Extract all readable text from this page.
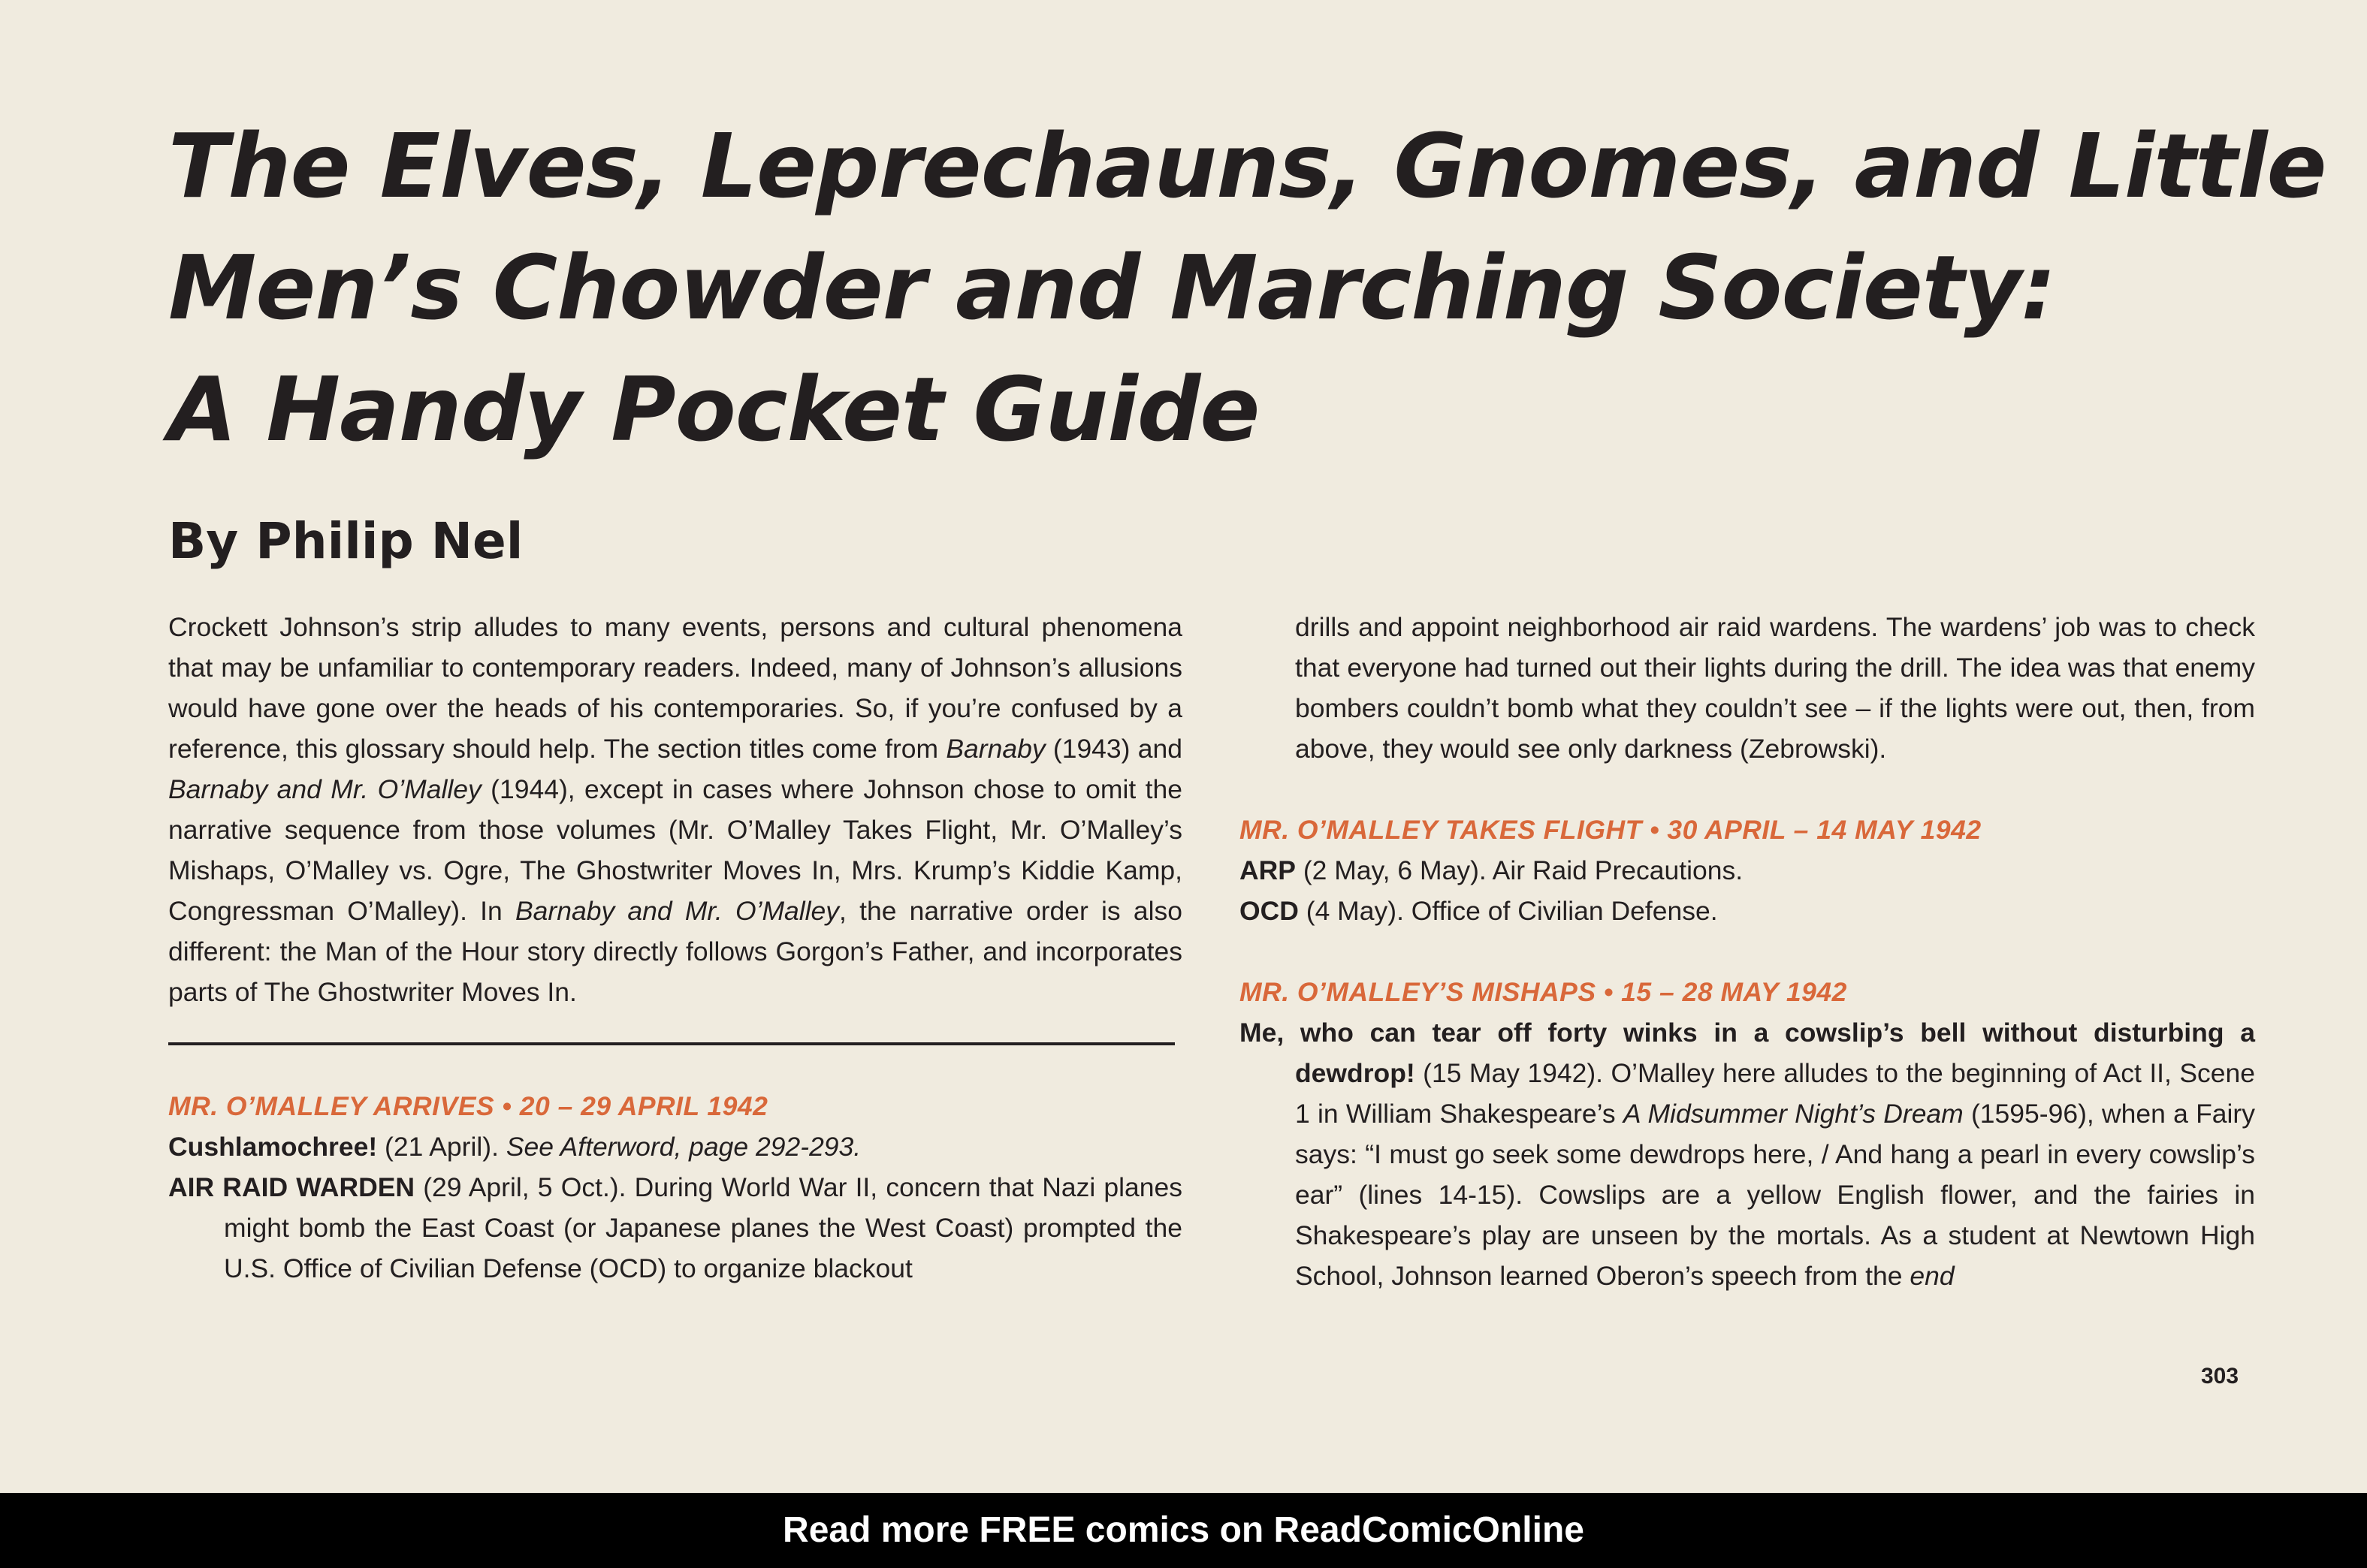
The Elves, Leprechauns, Gnomes, and Little
Men’s Chowder and Marching Society:
A Handy Pocket Guide
By Philip Nel

Crockett Johnson’s strip alludes to many events, persons and cultural phenomena that may be unfamiliar to contemporary readers. Indeed, many of Johnson’s allusions would have gone over the heads of his contemporaries. So, if you’re confused by a reference, this glossary should help. The section titles come from Barnaby (1943) and Barnaby and Mr. O’Malley (1944), except in cases where Johnson chose to omit the narrative sequence from those volumes (Mr. O’Malley Takes Flight, Mr. O’Malley’s Mishaps, O’Malley vs. Ogre, The Ghostwriter Moves In, Mrs. Krump’s Kiddie Kamp, Congressman O’Malley). In Barnaby and Mr. O’Malley, the narrative order is also different: the Man of the Hour story directly follows Gorgon’s Father, and incorporates parts of The Ghostwriter Moves In.

MR. O’MALLEY ARRIVES • 20 – 29 APRIL 1942

Cushlamochree! (21 April). See Afterword, page 292-293.

AIR RAID WARDEN (29 April, 5 Oct.). During World War II, concern that Nazi planes might bomb the East Coast (or Japanese planes the West Coast) prompted the U.S. Office of Civilian Defense (OCD) to organize blackout

drills and appoint neighborhood air raid wardens. The wardens’ job was to check that everyone had turned out their lights during the drill. The idea was that enemy bombers couldn’t bomb what they couldn’t see – if the lights were out, then, from above, they would see only darkness (Zebrowski).

MR. O’MALLEY TAKES FLIGHT • 30 APRIL – 14 MAY 1942

ARP (2 May, 6 May). Air Raid Precautions.

OCD (4 May). Office of Civilian Defense.

MR. O’MALLEY’S MISHAPS • 15 – 28 MAY 1942

Me, who can tear off forty winks in a cowslip’s bell without disturbing a dewdrop! (15 May 1942). O’Malley here alludes to the beginning of Act II, Scene 1 in William Shakespeare’s A Midsummer Night’s Dream (1595-96), when a Fairy says: “I must go seek some dewdrops here, / And hang a pearl in every cowslip’s ear” (lines 14-15). Cowslips are a yellow English flower, and the fairies in Shakespeare’s play are unseen by the mortals. As a student at Newtown High School, Johnson learned Oberon’s speech from the end

303
Read more FREE comics on ReadComicOnline
